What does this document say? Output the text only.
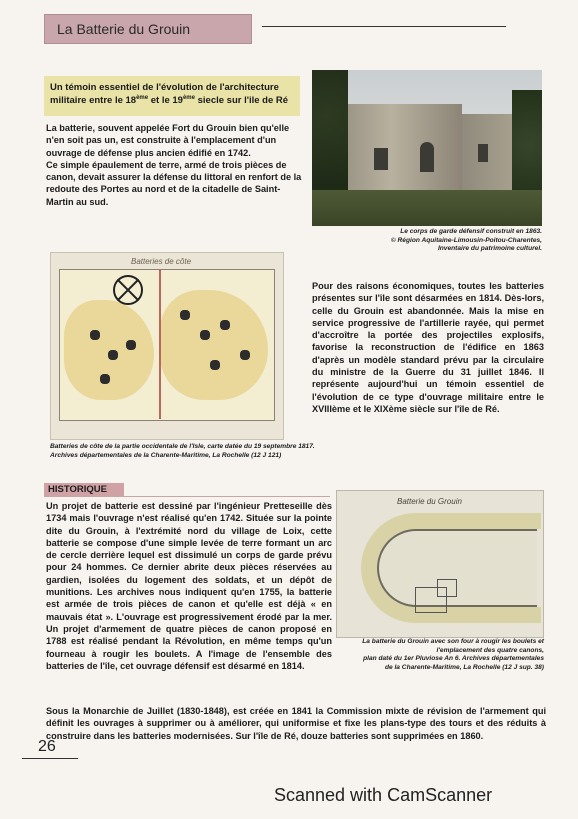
La Batterie du Grouin

Un témoin essentiel de l'évolution de l'architecture militaire entre le 18ème et le 19ème siecle sur l'ile de Ré

La batterie, souvent appelée Fort du Grouin bien qu'elle n'en soit pas un, est construite à l'emplacement d'un ouvrage de défense plus ancien édifié en 1742.
Ce simple épaulement de terre, armé de trois pièces de canon, devait assurer la défense du littoral en renfort de la redoute des Portes au nord et de la citadelle de Saint-Martin au sud.

Le corps de garde défensif construit en 1863.
© Région Aquitaine-Limousin-Poitou-Charentes,
Inventaire du patrimoine culturel.
Batteries de côte
Batteries de côte de la partie occidentale de l'Isle, carte datée du 19 septembre 1817.
Archives départementales de la Charente-Maritime, La Rochelle (12 J 121)

Pour des raisons économiques, toutes les batteries présentes sur l'île sont désarmées en 1814. Dès-lors, celle du Grouin est abandonnée. Mais la mise en service progressive de l'artillerie rayée, qui permet d'accroître la portée des projectiles explosifs, favorise la reconstruction de l'édifice en 1863 d'après un modèle standard prévu par la circulaire du ministre de la Guerre du 31 juillet 1846. Il représente aujourd'hui un témoin essentiel de l'évolution de ce type d'ouvrage militaire entre le XVIIIème et le XIXème siècle sur l'île de Ré.

HISTORIQUE

Un projet de batterie est dessiné par l'ingénieur Pretteseille dès 1734 mais l'ouvrage n'est réalisé qu'en 1742. Située sur la pointe dite du Grouin, à l'extrémité nord du village de Loix, cette batterie se compose d'une simple levée de terre formant un arc de cercle derrière lequel est dissimulé un corps de garde prévu pour 24 hommes. Ce dernier abrite deux pièces réservées au gardien, isolées du logement des soldats, et un dépôt de munitions. Les archives nous indiquent qu'en 1755, la batterie est armée de trois pièces de canon et qu'elle est déjà « en mauvais état ». L'ouvrage est progressivement érodé par la mer. Un projet d'armement de quatre pièces de canon proposé en 1788 est réalisé pendant la Révolution, en même temps qu'un fourneau à rougir les boulets. A l'image de l'ensemble des batteries de l'île, cet ouvrage défensif est désarmé en 1814.

Batterie du Grouin
La batterie du Grouin avec son four à rougir les boulets et
l'emplacement des quatre canons,
plan daté du 1er Pluviose An 6. Archives départementales
de la Charente-Maritime, La Rochelle (12 J sup. 38)

Sous la Monarchie de Juillet (1830-1848), est créée en 1841 la Commission mixte de révision de l'armement qui définit les ouvrages à supprimer ou à améliorer, qui uniformise et fixe les plans-type des tours et des réduits à construire dans les batteries modernisées. Sur l'île de Ré, douze batteries sont supprimées en 1860.

26
Scanned with CamScanner
